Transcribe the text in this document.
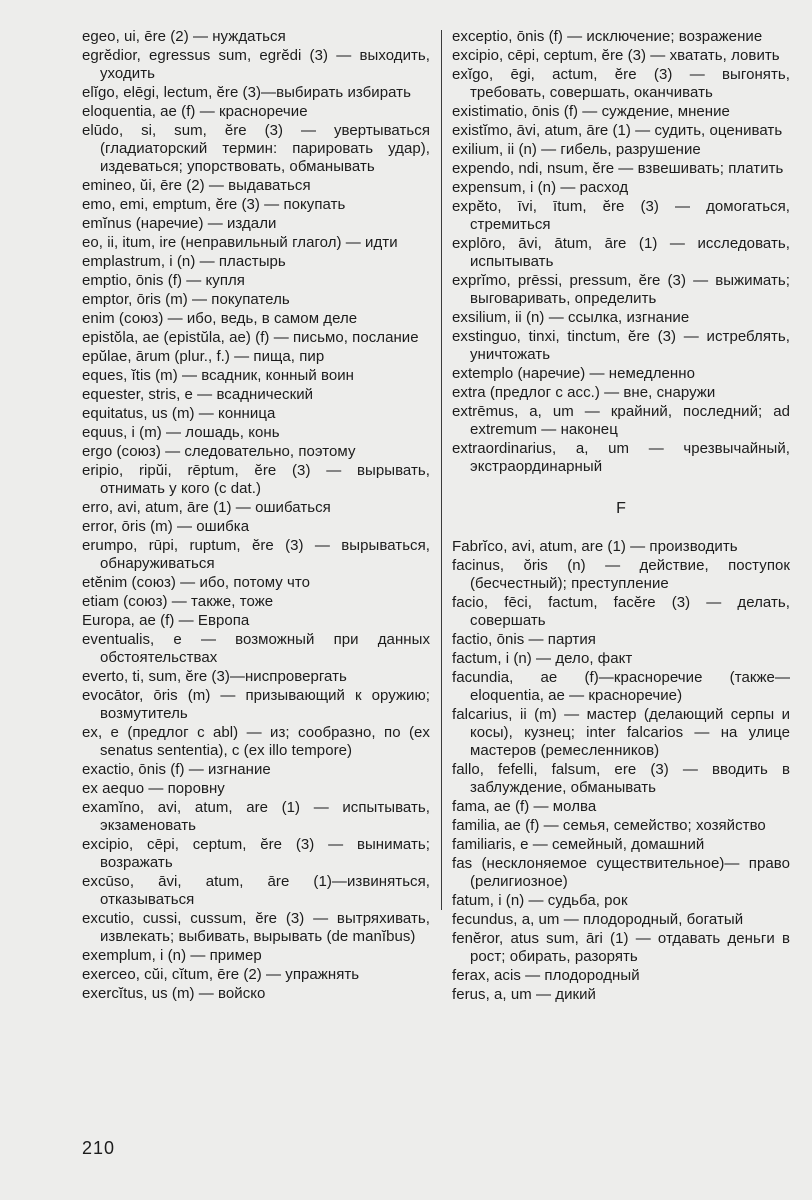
egeo, ui, ēre (2) — нуждаться
egrĕdior, egressus sum, egrĕdi (3) — выходить, уходить
elĭgo, elēgi, lectum, ĕre (3)—выбирать избирать
eloquentia, ae (f) — красноречие
elūdo, si, sum, ĕre (3) — увертываться (гладиаторский термин: парировать удар), издеваться; упорствовать, обманывать
emineo, ŭi, ēre (2) — выдаваться
emo, emi, emptum, ĕre (3) — покупать
emĭnus (наречие) — издали
eo, ii, itum, ire (неправильный глагол) — идти
emplastrum, i (n) — пластырь
emptio, ōnis (f) — купля
emptor, ōris (m) — покупатель
enim (союз) — ибо, ведь, в самом деле
epistŏla, ae (epistŭla, ae) (f) — письмо, послание
epŭlae, ārum (plur., f.) — пища, пир
eques, ĭtis (m) — всадник, конный воин
equester, stris, e — всаднический
equitatus, us (m) — конница
equus, i (m) — лошадь, конь
ergo (союз) — следовательно, поэтому
eripio, ripŭi, rēptum, ĕre (3) — вырывать, отнимать у кого (с dat.)
erro, avi, atum, āre (1) — ошибаться
error, ōris (m) — ошибка
erumpo, rūpi, ruptum, ĕre (3) — вырываться, обнаруживаться
etĕnim (союз) — ибо, потому что
etiam (союз) — также, тоже
Europa, ae (f) — Европа
eventualis, e — возможный при данных обстоятельствах
everto, ti, sum, ĕre (3)—ниспровергать
evocātor, ōris (m) — призывающий к оружию; возмутитель
ex, e (предлог с abl) — из; сообразно, по (ex senatus sententia), с (ex illo tempore)
exactio, ōnis (f) — изгнание
ex aequo — поровну
examĭno, avi, atum, are (1) — испытывать, экзаменовать
excipio, cēpi, ceptum, ĕre (3) — вынимать; возражать
excūso, āvi, atum, āre (1)—извиняться, отказываться
excutio, cussi, cussum, ĕre (3) — вытряхивать, извлекать; выбивать, вырывать (de manĭbus)
exemplum, i (n) — пример
exerceo, cŭi, cĭtum, ēre (2) — упражнять
exercĭtus, us (m) — войско
exceptio, ōnis (f) — исключение; возражение
excipio, cēpi, ceptum, ĕre (3) — хватать, ловить
exĭgo, ēgi, actum, ĕre (3) — выгонять, требовать, совершать, оканчивать
existimatio, ōnis (f) — суждение, мнение
existĭmo, āvi, atum, āre (1) — судить, оценивать
exilium, ii (n) — гибель, разрушение
expendo, ndi, nsum, ĕre — взвешивать; платить
expensum, i (n) — расход
expĕto, īvi, ītum, ĕre (3) — домогаться, стремиться
explōro, āvi, ātum, āre (1) — исследовать, испытывать
exprĭmo, prēssi, pressum, ĕre (3) — выжимать; выговаривать, определить
exsilium, ii (n) — ссылка, изгнание
exstinguo, tinxi, tinctum, ĕre (3) — истреблять, уничтожать
extemplo (наречие) — немедленно
extra (предлог с acc.) — вне, снаружи
extrēmus, a, um — крайний, последний; ad extremum — наконец
extraordinarius, a, um — чрезвычайный, экстраординарный
F
Fabrĭco, avi, atum, are (1) — производить
facinus, ŏris (n) — действие, поступок (бесчестный); преступление
facio, fēci, factum, facĕre (3) — делать, совершать
factio, ōnis — партия
factum, i (n) — дело, факт
facundia, ae (f)—красноречие (также— eloquentia, ae — красноречие)
falcarius, ii (m) — мастер (делающий серпы и косы), кузнец; inter falcarios — на улице мастеров (ремесленников)
fallo, fefelli, falsum, ere (3) — вводить в заблуждение, обманывать
fama, ae (f) — молва
familia, ae (f) — семья, семейство; хозяйство
familiaris, e — семейный, домашний
fas (несклоняемое существительное)— право (религиозное)
fatum, i (n) — судьба, рок
fecundus, a, um — плодородный, богатый
fenĕror, atus sum, āri (1) — отдавать деньги в рост; обирать, разорять
ferax, acis — плодородный
ferus, a, um — дикий
210
